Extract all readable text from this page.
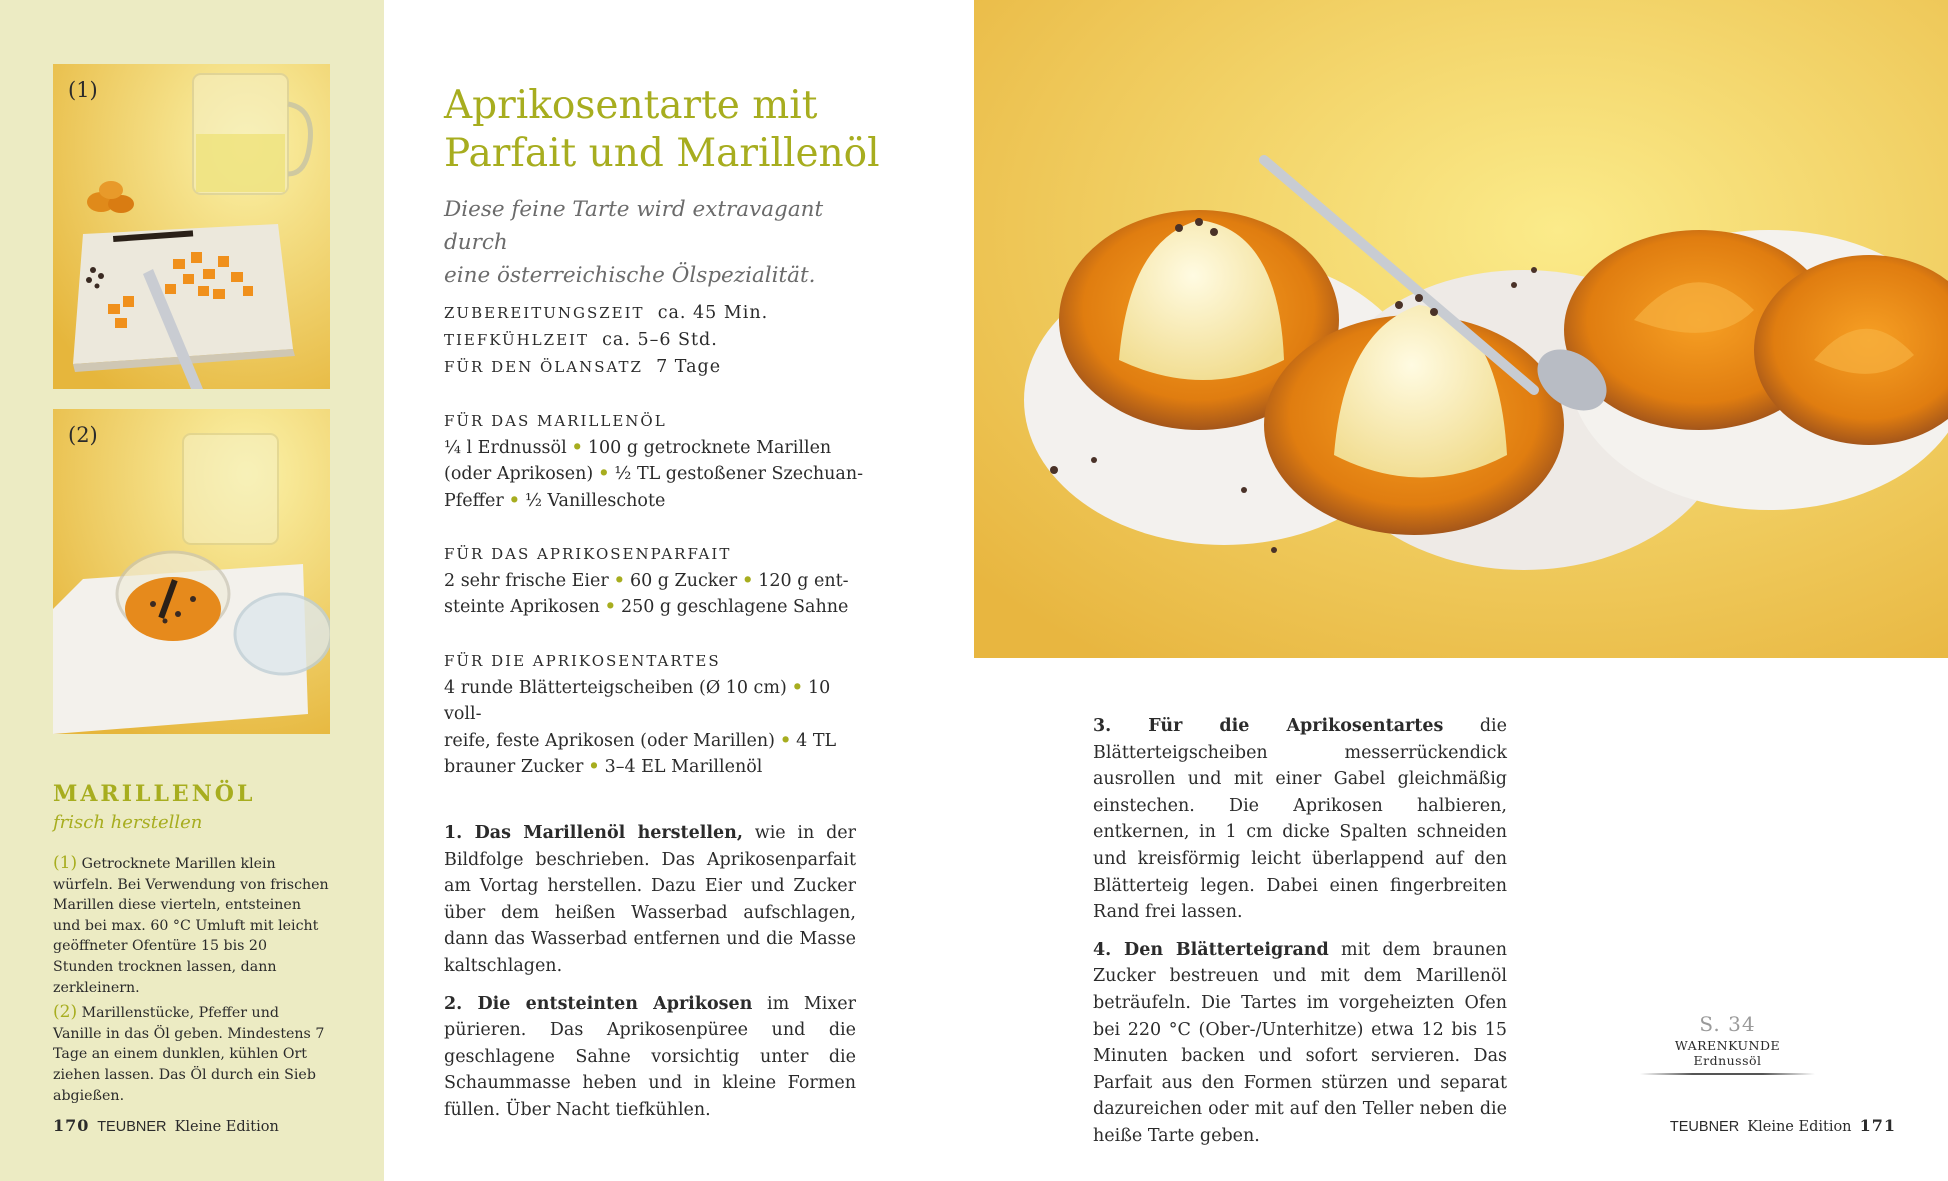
(1)
(2)
MARILLENÖL
frisch herstellen

(1) Getrocknete Marillen klein würfeln. Bei Verwendung von frischen Marillen diese vierteln, entsteinen und bei max. 60 °C Umluft mit leicht geöffneter Ofentüre 15 bis 20 Stunden trocknen lassen, dann zerkleinern.

(2) Marillenstücke, Pfeffer und Vanille in das Öl geben. Mindestens 7 Tage an einem dunklen, kühlen Ort ziehen lassen. Das Öl durch ein Sieb abgießen.

170 TEUBNER Kleine Edition
Aprikosentarte mit
Parfait und Marillenöl
Diese feine Tarte wird extravagant durch
eine österreichische Ölspezialität.
ZUBEREITUNGSZEIT ca. 45 Min.
TIEFKÜHLZEIT ca. 5–6 Std.
FÜR DEN ÖLANSATZ 7 Tage
FÜR DAS MARILLENÖL
¼ l Erdnussöl • 100 g getrocknete Marillen
(oder Aprikosen) • ½ TL gestoßener Szechuan-
Pfeffer • ½ Vanilleschote
FÜR DAS APRIKOSENPARFAIT
2 sehr frische Eier • 60 g Zucker • 120 g ent-
steinte Aprikosen • 250 g geschlagene Sahne
FÜR DIE APRIKOSENTARTES
4 runde Blätterteigscheiben (Ø 10 cm) • 10 voll-
reife, feste Aprikosen (oder Marillen) • 4 TL
brauner Zucker • 3–4 EL Marillenöl

1. Das Marillenöl herstellen, wie in der Bildfolge beschrieben. Das Aprikosenparfait am Vortag herstellen. Dazu Eier und Zucker über dem heißen Wasserbad aufschlagen, dann das Wasserbad entfernen und die Masse kaltschlagen.

2. Die entsteinten Aprikosen im Mixer pürieren. Das Aprikosenpüree und die geschlagene Sahne vorsichtig unter die Schaummasse heben und in kleine Formen füllen. Über Nacht tiefkühlen.

3. Für die Aprikosentartes die Blätterteigscheiben messerrückendick ausrollen und mit einer Gabel gleichmäßig einstechen. Die Aprikosen halbieren, entkernen, in 1 cm dicke Spalten schneiden und kreisförmig leicht überlappend auf den Blätterteig legen. Dabei einen fingerbreiten Rand frei lassen.

4. Den Blätterteigrand mit dem braunen Zucker bestreuen und mit dem Marillenöl beträufeln. Die Tartes im vorgeheizten Ofen bei 220 °C (Ober-/Unterhitze) etwa 12 bis 15 Minuten backen und sofort servieren. Das Parfait aus den Formen stürzen und separat dazureichen oder mit auf den Teller neben die heiße Tarte geben.

S. 34
WARENKUNDE Erdnussöl
TEUBNER Kleine Edition 171
